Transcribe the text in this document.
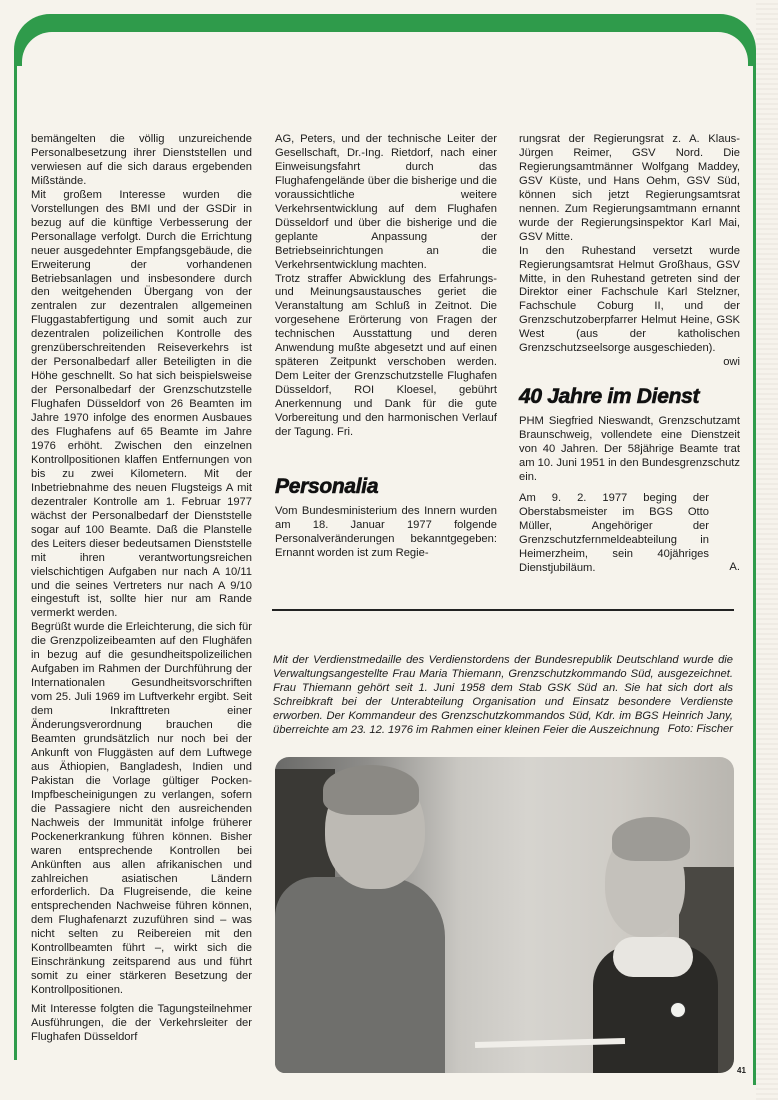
bemängelten die völlig unzureichende Personalbesetzung ihrer Dienststellen und verwiesen auf die sich daraus ergebenden Mißstände.

Mit großem Interesse wurden die Vorstellungen des BMI und der GSDir in bezug auf die künftige Verbesserung der Personallage verfolgt. Durch die Errichtung neuer ausgedehnter Empfangsgebäude, die Erweiterung der vorhandenen Betriebsanlagen und insbesondere durch den weitgehenden Übergang von der zentralen zur dezentralen allgemeinen Fluggastabfertigung und somit auch zur dezentralen polizeilichen Kontrolle des grenzüberschreitenden Reiseverkehrs ist der Personalbedarf aller Beteiligten in die Höhe geschnellt. So hat sich beispielsweise der Personalbedarf der Grenzschutzstelle Flughafen Düsseldorf von 26 Beamten im Jahre 1970 infolge des enormen Ausbaues des Flughafens auf 65 Beamte im Jahre 1976 erhöht. Zwischen den einzelnen Kontrollpositionen klaffen Entfernungen von bis zu zwei Kilometern. Mit der Inbetriebnahme des neuen Flugsteigs A mit dezentraler Kontrolle am 1. Februar 1977 wächst der Personalbedarf der Dienststelle sogar auf 100 Beamte. Daß die Planstelle des Leiters dieser bedeutsamen Dienststelle mit ihren verantwortungsreichen vielschichtigen Aufgaben nur nach A 10/11 und die seines Vertreters nur nach A 9/10 eingestuft ist, sollte hier nur am Rande vermerkt werden.

Begrüßt wurde die Erleichterung, die sich für die Grenzpolizeibeamten auf den Flughäfen in bezug auf die gesundheitspolizeilichen Aufgaben im Rahmen der Durchführung der Internationalen Gesundheitsvorschriften vom 25. Juli 1969 im Luftverkehr ergibt. Seit dem Inkrafttreten einer Änderungsverordnung brauchen die Beamten grundsätzlich nur noch bei der Ankunft von Fluggästen auf dem Luftwege aus Äthiopien, Bangladesh, Indien und Pakistan die Vorlage gültiger Pocken-Impfbescheinigungen zu verlangen, sofern die Passagiere nicht den ausreichenden Nachweis der Immunität infolge früherer Pockenerkrankung führen können. Bisher waren entsprechende Kontrollen bei Ankünften aus allen afrikanischen und zahlreichen asiatischen Ländern erforderlich. Da Flugreisende, die keine entsprechenden Nachweise führen können, dem Flughafenarzt zuzuführen sind – was nicht selten zu Reibereien mit den Kontrollbeamten führt –, wirkt sich die Einschränkung zeitsparend aus und führt somit zu einer stärkeren Besetzung der Kontrollpositionen.

Mit Interesse folgten die Tagungsteilnehmer Ausführungen, die der Verkehrsleiter der Flughafen Düsseldorf

AG, Peters, und der technische Leiter der Gesellschaft, Dr.-Ing. Rietdorf, nach einer Einweisungsfahrt durch das Flughafengelände über die bisherige und die voraussichtliche weitere Verkehrsentwicklung auf dem Flughafen Düsseldorf und über die bisherige und die geplante Anpassung der Betriebseinrichtungen an die Verkehrsentwicklung machten.

Trotz straffer Abwicklung des Erfahrungs- und Meinungsaustausches geriet die Veranstaltung am Schluß in Zeitnot. Die vorgesehene Erörterung von Fragen der technischen Ausstattung und deren Anwendung mußte abgesetzt und auf einen späteren Zeitpunkt verschoben werden. Dem Leiter der Grenzschutzstelle Flughafen Düsseldorf, ROI Kloesel, gebührt Anerkennung und Dank für die gute Vorbereitung und den harmonischen Verlauf der Tagung. Fri.

Personalia

Vom Bundesministerium des Innern wurden am 18. Januar 1977 folgende Personalveränderungen bekanntgegeben: Ernannt worden ist zum Regie-

rungsrat der Regierungsrat z. A. Klaus-Jürgen Reimer, GSV Nord. Die Regierungsamtmänner Wolfgang Maddey, GSV Küste, und Hans Oehm, GSV Süd, können sich jetzt Regierungsamtsrat nennen. Zum Regierungsamtmann ernannt wurde der Regierungsinspektor Karl Mai, GSV Mitte.

In den Ruhestand versetzt wurde Regierungsamtsrat Helmut Großhaus, GSV Mitte, in den Ruhestand getreten sind der Direktor einer Fachschule Karl Stelzner, Fachschule Coburg II, und der Grenzschutzoberpfarrer Helmut Heine, GSK West (aus der katholischen Grenzschutzseelsorge ausgeschieden).

owi

40 Jahre im Dienst

PHM Siegfried Nieswandt, Grenzschutzamt Braunschweig, vollendete eine Dienstzeit von 40 Jahren. Der 58jährige Beamte trat am 10. Juni 1951 in den Bundesgrenzschutz ein.

Am 9. 2. 1977 beging der Oberstabsmeister im BGS Otto Müller, Angehöriger der Grenzschutzfernmeldeabteilung in Heimerzheim, sein 40jähriges Dienstjubiläum.	A.

Mit der Verdienstmedaille des Verdienstordens der Bundesrepublik Deutschland wurde die Verwaltungsangestellte Frau Maria Thiemann, Grenzschutzkommando Süd, ausgezeichnet. Frau Thiemann gehört seit 1. Juni 1958 dem Stab GSK Süd an. Sie hat sich dort als Schreibkraft bei der Unterabteilung Organisation und Einsatz besondere Verdienste erworben. Der Kommandeur des Grenzschutzkommandos Süd, Kdr. im BGS Heinrich Jany, überreichte am 23. 12. 1976 im Rahmen einer kleinen Feier die Auszeichnung Foto: Fischer

41
